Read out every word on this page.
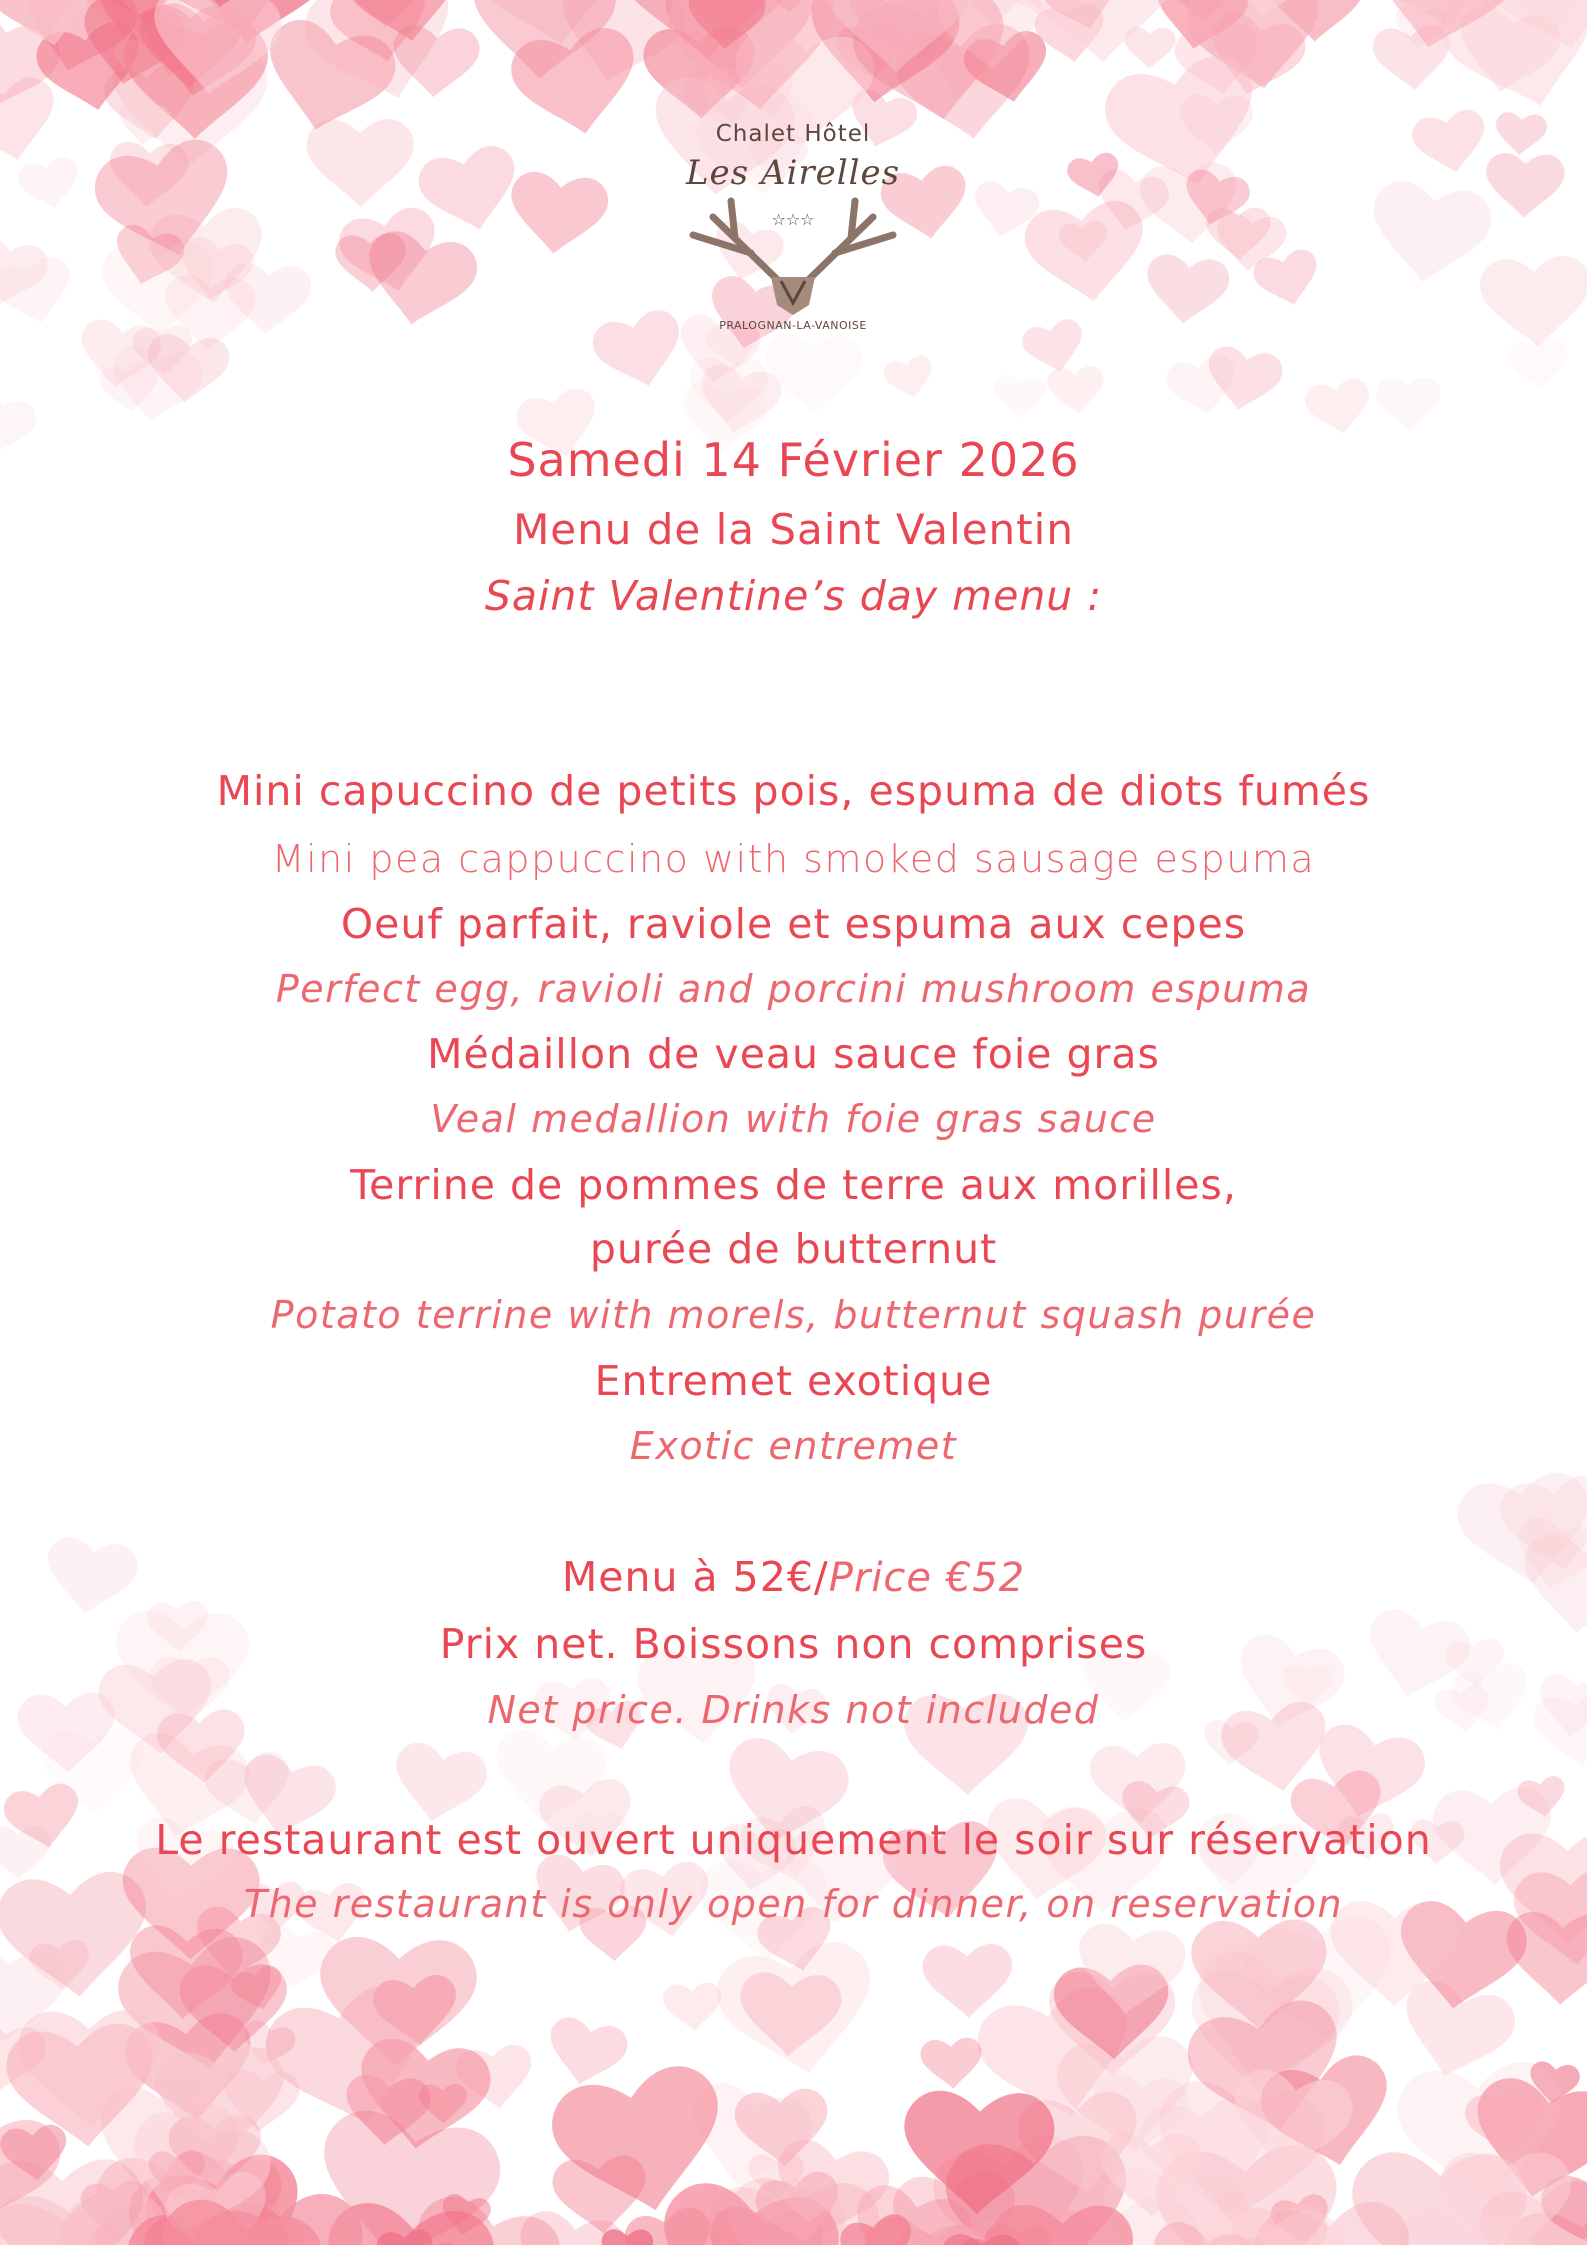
Chalet Hôtel
Les Airelles
☆☆☆
PRALOGNAN-LA-VANOISE
Samedi 14 Février 2026
Menu de la Saint Valentin
Saint Valentine’s day menu :
Mini capuccino de petits pois, espuma de diots fumés
Mini pea cappuccino with smoked sausage espuma
Oeuf parfait, raviole et espuma aux cepes
Perfect egg, ravioli and porcini mushroom espuma
Médaillon de veau sauce foie gras
Veal medallion with foie gras sauce
Terrine de pommes de terre aux morilles,
purée de butternut
Potato terrine with morels, butternut squash purée
Entremet exotique
Exotic entremet
Menu à 52€/Price €52
Prix net. Boissons non comprises
Net price. Drinks not included
Le restaurant est ouvert uniquement le soir sur réservation
The restaurant is only open for dinner, on reservation
